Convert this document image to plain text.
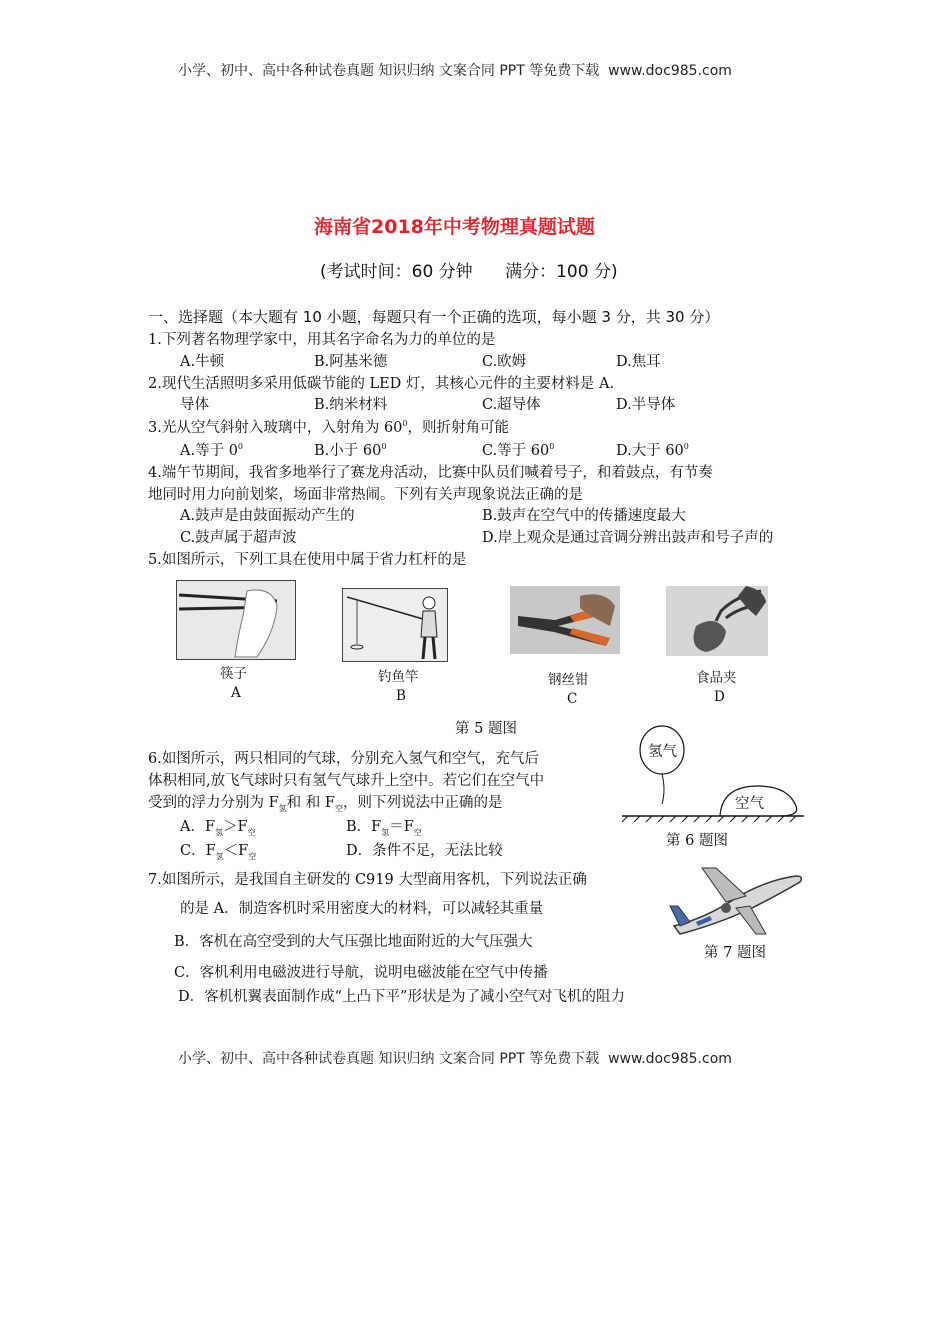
小学、初中、高中各种试卷真题 知识归纳 文案合同 PPT 等免费下载 www.doc985.com
海南省2018年中考物理真题试题
(考试时间：60 分钟 满分：100 分)
一、选择题（本大题有 10 小题，每题只有一个正确的选项，每小题 3 分，共 30 分）
1.下列著名物理学家中，用其名字命名为力的单位的是
A.牛顿	B.阿基米德	C.欧姆	D.焦耳
2.现代生活照明多采用低碳节能的 LED 灯，其核心元件的主要材料是 A.
导体	B.纳米材料	C.超导体	D.半导体
3.光从空气斜射入玻璃中，入射角为 $60^0$，则折射角可能
A.等于 $0^0$	B.小于 $60^0$	C.等于 $60^0$	D.大于 $60^0$
4.端午节期间，我省多地举行了赛龙舟活动，比赛中队员们喊着号子，和着鼓点，有节奏
地同时用力向前划桨，场面非常热闹。下列有关声现象说法正确的是
A.鼓声是由鼓面振动产生的	B.鼓声在空气中的传播速度最大
C.鼓声属于超声波	D.岸上观众是通过音调分辨出鼓声和号子声的
5.如图所示，下列工具在使用中属于省力杠杆的是
筷子
A
钓鱼竿
B
钢丝钳
C
食品夹
D
第 5 题图
6.如图所示，两只相同的气球，分别充入氢气和空气，充气后
体积相同,放飞气球时只有氢气气球升上空中。若它们在空气中
受到的浮力分别为 $F_氢$和 和 $F_空$，则下列说法中正确的是
A．$F_氢>F_空$	B．$F_氢=F_空$
C．$F_氢<F_空$	D．条件不足，无法比较
氢气
空气
第 6 题图
7.如图所示，是我国自主研发的 C919 大型商用客机，下列说法正确
的是 A．制造客机时采用密度大的材料，可以减轻其重量
B．客机在高空受到的大气压强比地面附近的大气压强大
C．客机利用电磁波进行导航，说明电磁波能在空气中传播
D．客机机翼表面制作成“上凸下平”形状是为了减小空气对飞机的阻力
第 7 题图
小学、初中、高中各种试卷真题 知识归纳 文案合同 PPT 等免费下载 www.doc985.com
